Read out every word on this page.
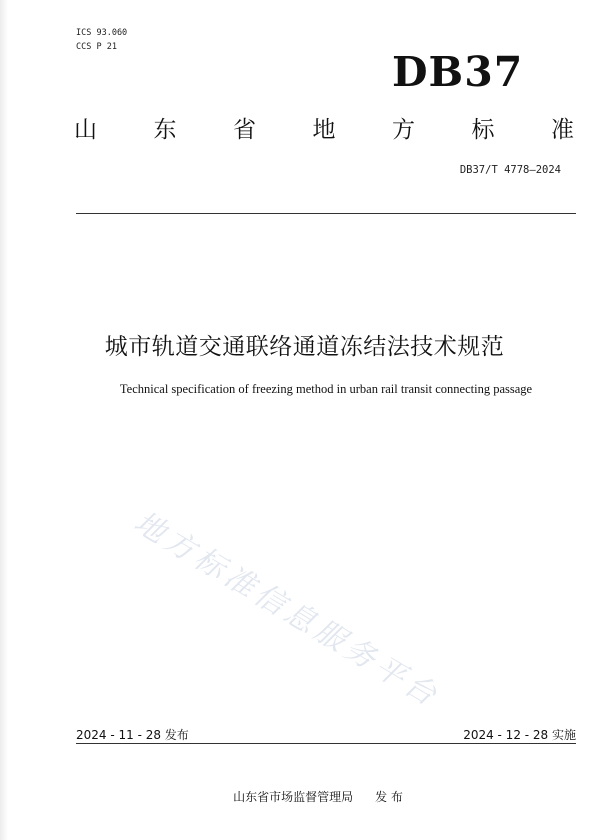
ICS 93.060
CCS P 21
DB37
山 东 省 地 方 标 准
DB37/T 4778—2024
城市轨道交通联络通道冻结法技术规范
Technical specification of freezing method in urban rail transit connecting passage
地方标准信息服务平台
2024 - 11 - 28 发布	2024 - 12 - 28 实施
山东省市场监督管理局 发 布
